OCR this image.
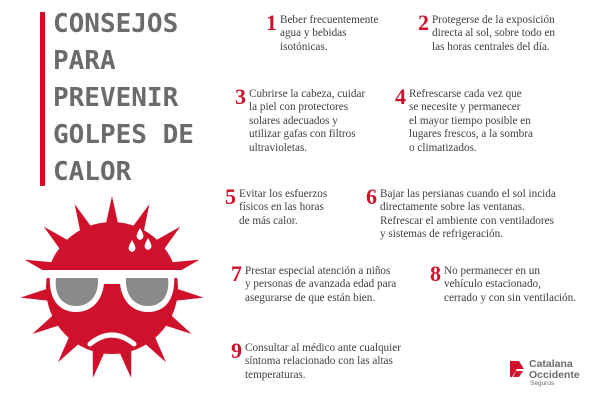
CONSEJOS
PARA
PREVENIR
GOLPES DE
CALOR
1 Beber frecuentemente
agua y bebidas
isotónicas.
2 Protegerse de la exposición
directa al sol, sobre todo en
las horas centrales del día.
3 Cubrirse la cabeza, cuidar
la piel con protectores
solares adecuados y
utilizar gafas con filtros
ultravioletas.
4 Refrescarse cada vez que
se necesite y permanecer
el mayor tiempo posible en
lugares frescos, a la sombra
o climatizados.
5 Evitar los esfuerzos
físicos en las horas
de más calor.
6 Bajar las persianas cuando el sol incida
directamente sobre las ventanas.
Refrescar el ambiente con ventiladores
y sistemas de refrigeración.
7 Prestar especial atención a niños
y personas de avanzada edad para
asegurarse de que están bien.
8 No permanecer en un
vehículo estacionado,
cerrado y con sin ventilación.
9 Consultar al médico ante cualquier
síntoma relacionado con las altas
temperaturas.
Catalana
Occidente
Seguros
